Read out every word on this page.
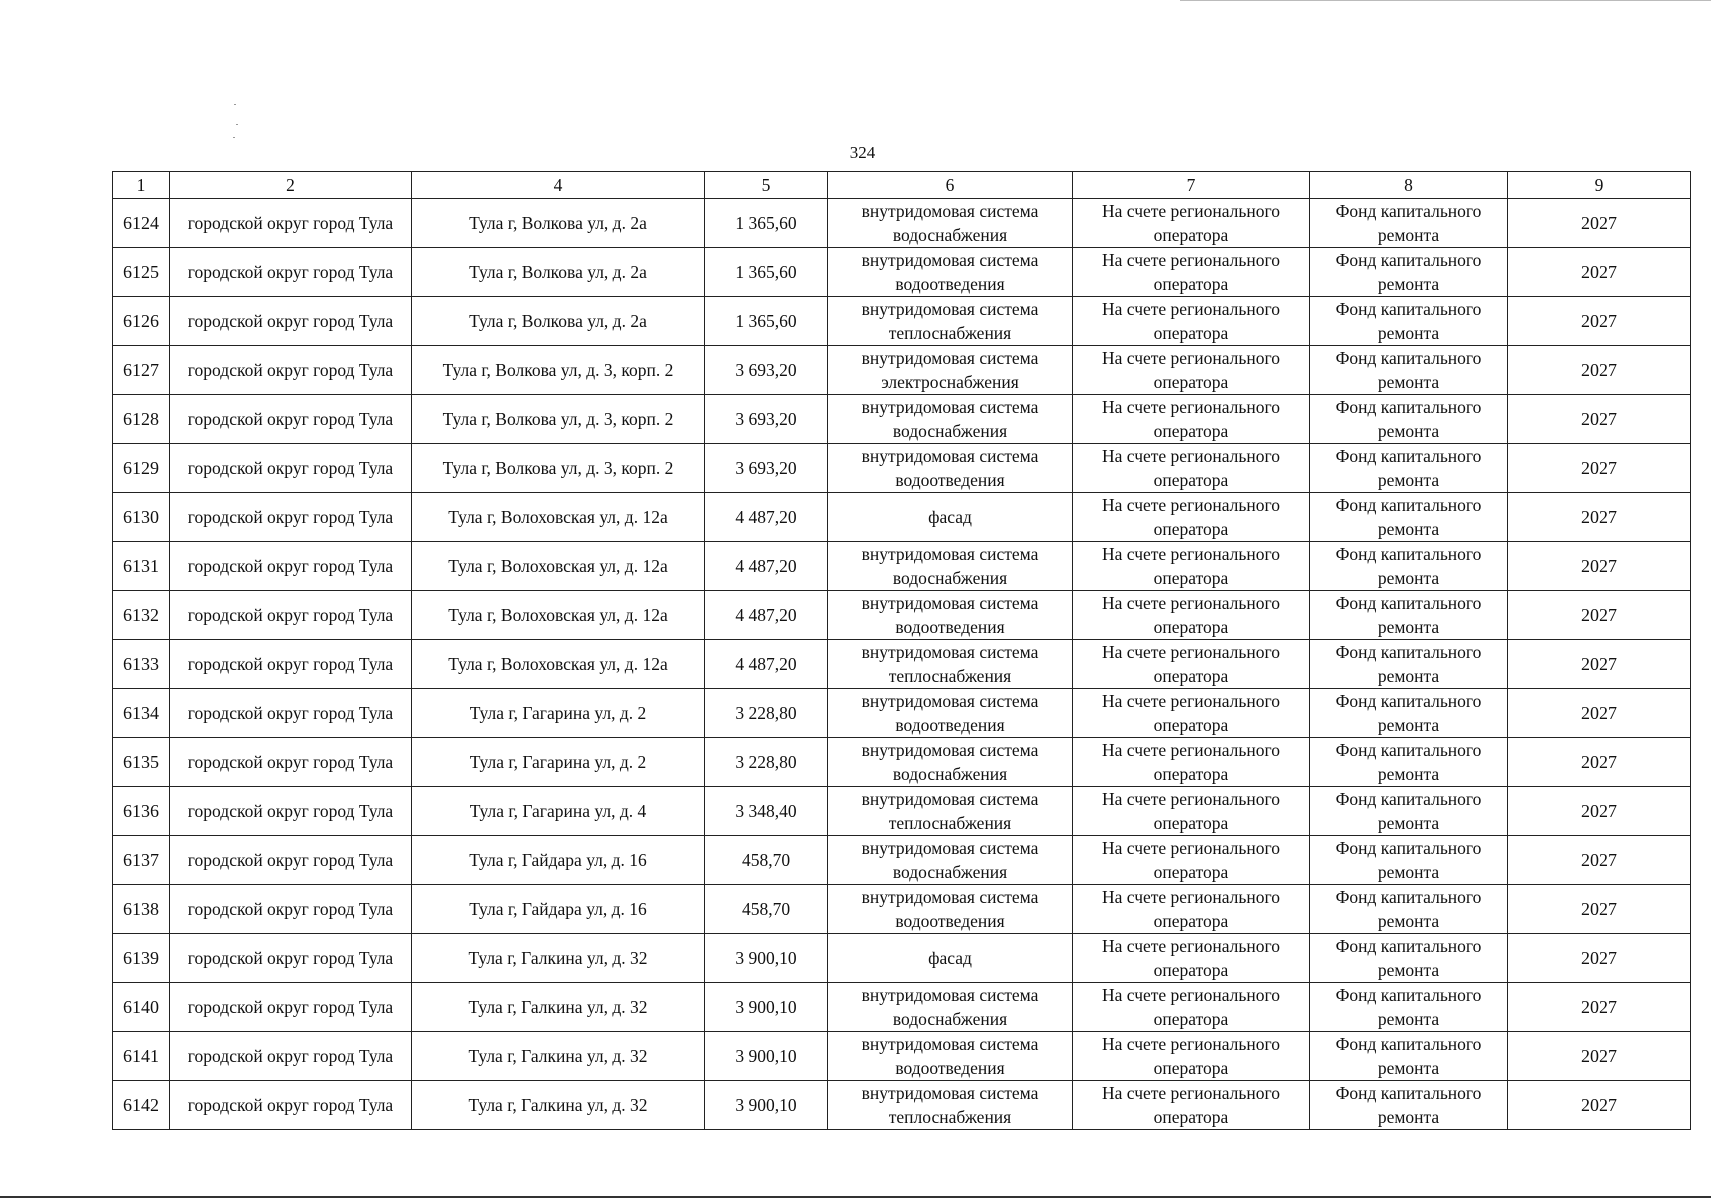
324
1	2	4	5	6	7	8	9
6124	городской округ город Тула	Тула г, Волкова ул, д. 2а	1 365,60	внутридомовая система водоснабжения	На счете регионального оператора	Фонд капитального ремонта	2027
6125	городской округ город Тула	Тула г, Волкова ул, д. 2а	1 365,60	внутридомовая система водоотведения	На счете регионального оператора	Фонд капитального ремонта	2027
6126	городской округ город Тула	Тула г, Волкова ул, д. 2а	1 365,60	внутридомовая система теплоснабжения	На счете регионального оператора	Фонд капитального ремонта	2027
6127	городской округ город Тула	Тула г, Волкова ул, д. 3, корп. 2	3 693,20	внутридомовая система электроснабжения	На счете регионального оператора	Фонд капитального ремонта	2027
6128	городской округ город Тула	Тула г, Волкова ул, д. 3, корп. 2	3 693,20	внутридомовая система водоснабжения	На счете регионального оператора	Фонд капитального ремонта	2027
6129	городской округ город Тула	Тула г, Волкова ул, д. 3, корп. 2	3 693,20	внутридомовая система водоотведения	На счете регионального оператора	Фонд капитального ремонта	2027
6130	городской округ город Тула	Тула г, Волоховская ул, д. 12а	4 487,20	фасад	На счете регионального оператора	Фонд капитального ремонта	2027
6131	городской округ город Тула	Тула г, Волоховская ул, д. 12а	4 487,20	внутридомовая система водоснабжения	На счете регионального оператора	Фонд капитального ремонта	2027
6132	городской округ город Тула	Тула г, Волоховская ул, д. 12а	4 487,20	внутридомовая система водоотведения	На счете регионального оператора	Фонд капитального ремонта	2027
6133	городской округ город Тула	Тула г, Волоховская ул, д. 12а	4 487,20	внутридомовая система теплоснабжения	На счете регионального оператора	Фонд капитального ремонта	2027
6134	городской округ город Тула	Тула г, Гагарина ул, д. 2	3 228,80	внутридомовая система водоотведения	На счете регионального оператора	Фонд капитального ремонта	2027
6135	городской округ город Тула	Тула г, Гагарина ул, д. 2	3 228,80	внутридомовая система водоснабжения	На счете регионального оператора	Фонд капитального ремонта	2027
6136	городской округ город Тула	Тула г, Гагарина ул, д. 4	3 348,40	внутридомовая система теплоснабжения	На счете регионального оператора	Фонд капитального ремонта	2027
6137	городской округ город Тула	Тула г, Гайдара ул, д. 16	458,70	внутридомовая система водоснабжения	На счете регионального оператора	Фонд капитального ремонта	2027
6138	городской округ город Тула	Тула г, Гайдара ул, д. 16	458,70	внутридомовая система водоотведения	На счете регионального оператора	Фонд капитального ремонта	2027
6139	городской округ город Тула	Тула г, Галкина ул, д. 32	3 900,10	фасад	На счете регионального оператора	Фонд капитального ремонта	2027
6140	городской округ город Тула	Тула г, Галкина ул, д. 32	3 900,10	внутридомовая система водоснабжения	На счете регионального оператора	Фонд капитального ремонта	2027
6141	городской округ город Тула	Тула г, Галкина ул, д. 32	3 900,10	внутридомовая система водоотведения	На счете регионального оператора	Фонд капитального ремонта	2027
6142	городской округ город Тула	Тула г, Галкина ул, д. 32	3 900,10	внутридомовая система теплоснабжения	На счете регионального оператора	Фонд капитального ремонта	2027
